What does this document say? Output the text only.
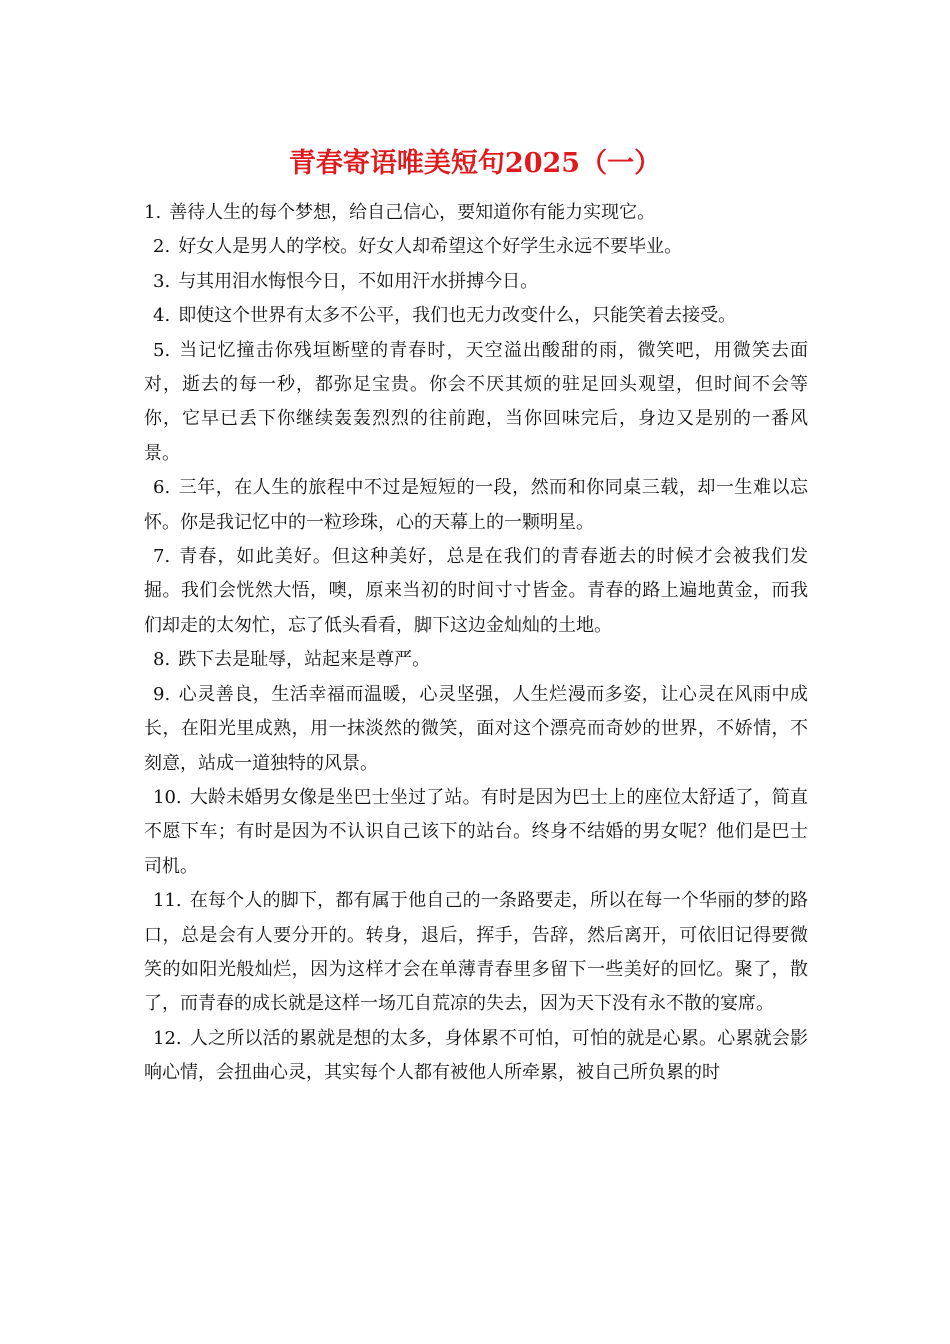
青春寄语唯美短句2025（一）

1. 善待人生的每个梦想，给自己信心，要知道你有能力实现它。

2. 好女人是男人的学校。好女人却希望这个好学生永远不要毕业。

3. 与其用泪水悔恨今日，不如用汗水拼搏今日。

4. 即使这个世界有太多不公平，我们也无力改变什么，只能笑着去接受。

5. 当记忆撞击你残垣断壁的青春时，天空溢出酸甜的雨，微笑吧，用微笑去面对，逝去的每一秒，都弥足宝贵。你会不厌其烦的驻足回头观望，但时间不会等你，它早已丢下你继续轰轰烈烈的往前跑，当你回味完后，身边又是别的一番风景。

6. 三年，在人生的旅程中不过是短短的一段，然而和你同桌三载，却一生难以忘怀。你是我记忆中的一粒珍珠，心的天幕上的一颗明星。

7. 青春，如此美好。但这种美好，总是在我们的青春逝去的时候才会被我们发掘。我们会恍然大悟，噢，原来当初的时间寸寸皆金。青春的路上遍地黄金，而我们却走的太匆忙，忘了低头看看，脚下这边金灿灿的土地。

8. 跌下去是耻辱，站起来是尊严。

9. 心灵善良，生活幸福而温暖，心灵坚强，人生烂漫而多姿，让心灵在风雨中成长，在阳光里成熟，用一抹淡然的微笑，面对这个漂亮而奇妙的世界，不娇情，不刻意，站成一道独特的风景。

10. 大龄未婚男女像是坐巴士坐过了站。有时是因为巴士上的座位太舒适了，简直不愿下车；有时是因为不认识自己该下的站台。终身不结婚的男女呢？他们是巴士司机。

11. 在每个人的脚下，都有属于他自己的一条路要走，所以在每一个华丽的梦的路口，总是会有人要分开的。转身，退后，挥手，告辞，然后离开，可依旧记得要微笑的如阳光般灿烂，因为这样才会在单薄青春里多留下一些美好的回忆。聚了，散了，而青春的成长就是这样一场兀自荒凉的失去，因为天下没有永不散的宴席。

12. 人之所以活的累就是想的太多，身体累不可怕，可怕的就是心累。心累就会影响心情，会扭曲心灵，其实每个人都有被他人所牵累，被自己所负累的时
